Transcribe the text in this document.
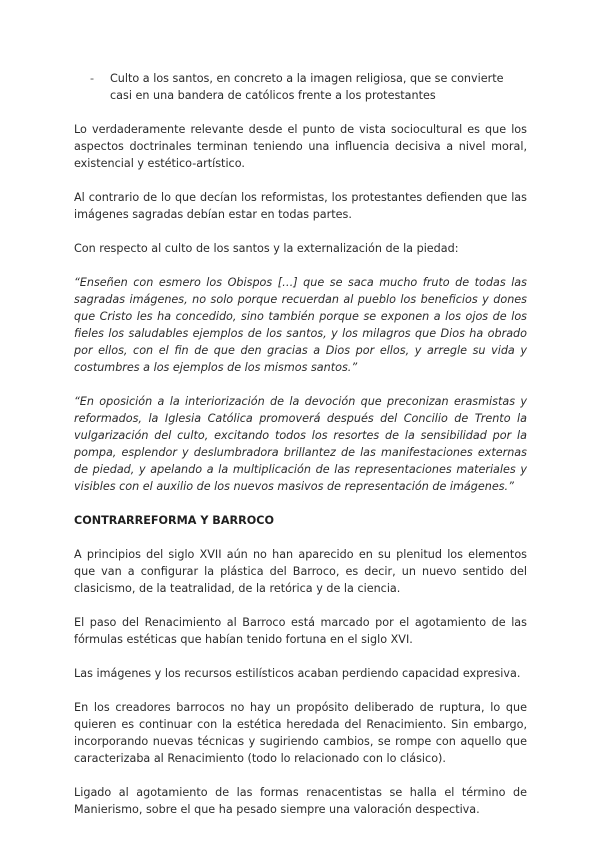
-	Culto a los santos, en concreto a la imagen religiosa, que se convierte casi en una bandera de católicos frente a los protestantes

Lo verdaderamente relevante desde el punto de vista sociocultural es que los aspectos doctrinales terminan teniendo una influencia decisiva a nivel moral, existencial y estético-artístico.

Al contrario de lo que decían los reformistas, los protestantes defienden que las imágenes sagradas debían estar en todas partes.

Con respecto al culto de los santos y la externalización de la piedad:

“Enseñen con esmero los Obispos […] que se saca mucho fruto de todas las sagradas imágenes, no solo porque recuerdan al pueblo los beneficios y dones que Cristo les ha concedido, sino también porque se exponen a los ojos de los fieles los saludables ejemplos de los santos, y los milagros que Dios ha obrado por ellos, con el fin de que den gracias a Dios por ellos, y arregle su vida y costumbres a los ejemplos de los mismos santos.”

“En oposición a la interiorización de la devoción que preconizan erasmistas y reformados, la Iglesia Católica promoverá después del Concilio de Trento la vulgarización del culto, excitando todos los resortes de la sensibilidad por la pompa, esplendor y deslumbradora brillantez de las manifestaciones externas de piedad, y apelando a la multiplicación de las representaciones materiales y visibles con el auxilio de los nuevos masivos de representación de imágenes.”

CONTRARREFORMA Y BARROCO

A principios del siglo XVII aún no han aparecido en su plenitud los elementos que van a configurar la plástica del Barroco, es decir, un nuevo sentido del clasicismo, de la teatralidad, de la retórica y de la ciencia.

El paso del Renacimiento al Barroco está marcado por el agotamiento de las fórmulas estéticas que habían tenido fortuna en el siglo XVI.

Las imágenes y los recursos estilísticos acaban perdiendo capacidad expresiva.

En los creadores barrocos no hay un propósito deliberado de ruptura, lo que quieren es continuar con la estética heredada del Renacimiento. Sin embargo, incorporando nuevas técnicas y sugiriendo cambios, se rompe con aquello que caracterizaba al Renacimiento (todo lo relacionado con lo clásico).

Ligado al agotamiento de las formas renacentistas se halla el término de Manierismo, sobre el que ha pesado siempre una valoración despectiva.
